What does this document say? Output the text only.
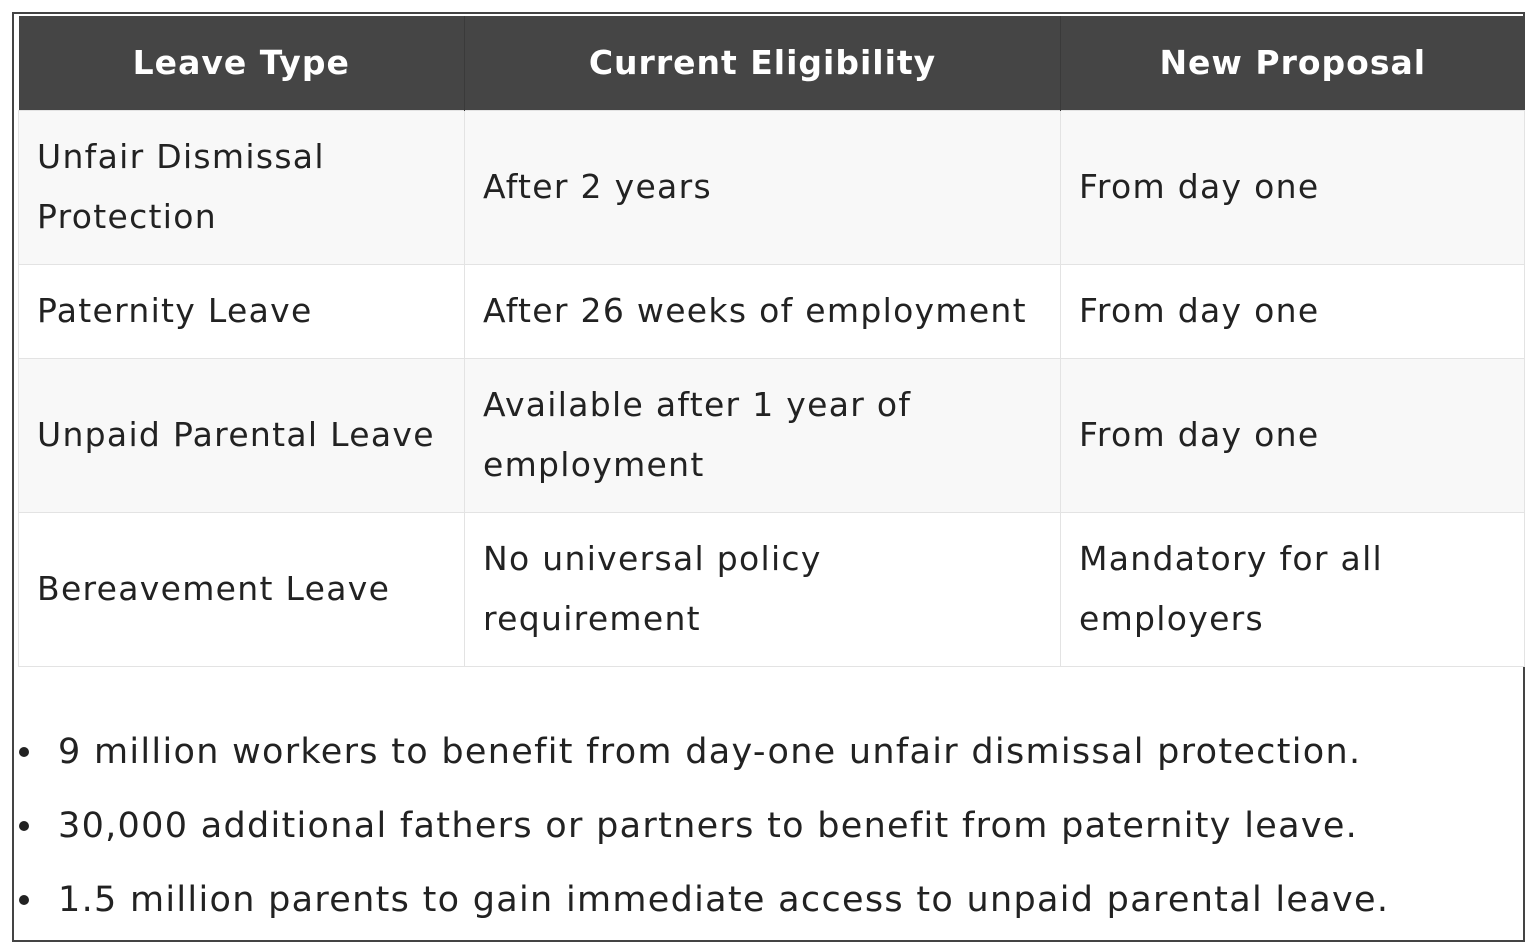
Leave Type	Current Eligibility	New Proposal
Unfair Dismissal Protection	After 2 years	From day one
Paternity Leave	After 26 weeks of employment	From day one
Unpaid Parental Leave	Available after 1 year of employment	From day one
Bereavement Leave	No universal policy requirement	Mandatory for all employers
9 million workers to benefit from day-one unfair dismissal protection.
30,000 additional fathers or partners to benefit from paternity leave.
1.5 million parents to gain immediate access to unpaid parental leave.
